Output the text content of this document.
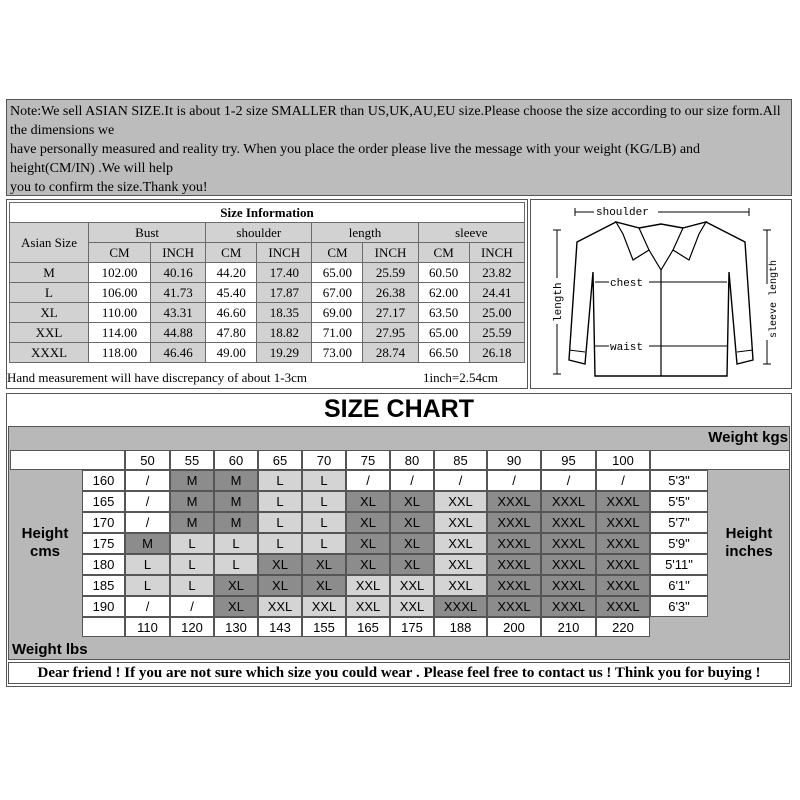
Note:We sell ASIAN SIZE.It is about 1-2 size SMALLER than US,UK,AU,EU size.Please choose the size according to our size form.All the dimensions we

have personally measured and reality try. When you place the order please live the message with your weight (KG/LB) and height(CM/IN) .We will help

you to confirm the size.Thank you!

Size Information								
Asian Size	Bust		shoulder		length		sleeve	
	CM	INCH	CM	INCH	CM	INCH	CM	INCH
M	102.00	40.16	44.20	17.40	65.00	25.59	60.50	23.82
L	106.00	41.73	45.40	17.87	67.00	26.38	62.00	24.41
XL	110.00	43.31	46.60	18.35	69.00	27.17	63.50	25.00
XXL	114.00	44.88	47.80	18.82	71.00	27.95	65.00	25.59
XXXL	118.00	46.46	49.00	19.29	73.00	28.74	66.50	26.18
Hand measurement will have discrepancy of about 1-3cm	1inch=2.54cm
shoulder
chest
waist
length	sleeve length
SIZE CHART
Weight kgs
Height cms
Height inches
Weight lbs
50	55	60	65	70	75	80	85	90	95	100
160	/	M	M	L	L	/	/	/	/	/	/	5'3"
165	/	M	M	L	L	XL	XL	XXL	XXXL	XXXL	XXXL	5'5"
170	/	M	M	L	L	XL	XL	XXL	XXXL	XXXL	XXXL	5'7"
175	M	L	L	L	L	XL	XL	XXL	XXXL	XXXL	XXXL	5'9"
180	L	L	L	XL	XL	XL	XL	XXL	XXXL	XXXL	XXXL	5'11"
185	L	L	XL	XL	XL	XXL	XXL	XXL	XXXL	XXXL	XXXL	6'1"
190	/	/	XL	XXL	XXL	XXL	XXL	XXXL	XXXL	XXXL	XXXL	6'3"
110	120	130	143	155	165	175	188	200	210	220
Dear friend ! If you are not sure which size you could wear . Please feel free to contact us ! Think you for buying !
